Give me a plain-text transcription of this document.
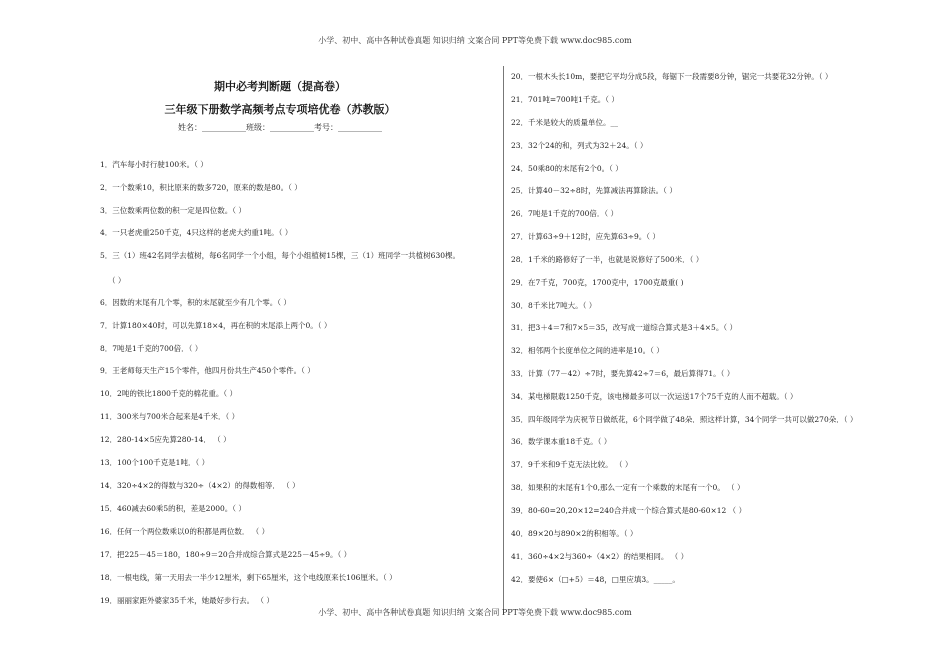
小学、初中、高中各种试卷真题 知识归纳 文案合同 PPT等免费下载 www.doc985.com
期中必考判断题（提高卷）
三年级下册数学高频考点专项培优卷（苏教版）
姓名：___________班级：___________考号：___________
1．汽车每小时行驶100米。（ ）
2．一个数乘10，积比原来的数多720，原来的数是80。（ ）
3．三位数乘两位数的积一定是四位数。（ ）
4．一只老虎重250千克，4只这样的老虎大约重1吨。（ ）
5．三（1）班42名同学去植树，每6名同学一个小组，每个小组植树15棵，三（1）班同学一共植树630棵。
（ ）
6．因数的末尾有几个零，积的末尾就至少有几个零。（ ）
7．计算180×40时，可以先算18×4，再在积的末尾添上两个0。（ ）
8．7吨是1千克的700倍．（ ）
9．王老师每天生产15个零件，他四月份共生产450个零件。（ ）
10．2吨的铁比1800千克的棉花重。（ ）
11．300米与700米合起来是4千米．（ ）
12．280-14×5应先算280-14． （ ）
13．100个100千克是1吨．（ ）
14．320÷4×2的得数与320÷（4×2）的得数相等． （ ）
15．460减去60乘5的积，差是2000。（ ）
16．任何一个两位数乘以0的积都是两位数． （ ）
17．把225－45＝180，180÷9＝20合并成综合算式是225－45÷9。（ ）
18．一根电线，第一天用去一半少12厘米，剩下65厘米，这个电线原来长106厘米。（ ）
19．丽丽家距外婆家35千米，她最好步行去。 （ ）
20．一根木头长10m，要把它平均分成5段，每锯下一段需要8分钟，锯完一共要花32分钟。（ ）
21．701吨=700吨1千克。（ ）
22．千米是较大的质量单位。__
23．32个24的和，列式为32＋24。（ ）
24．50乘80的末尾有2个0。（ ）
25．计算40－32÷8时，先算减法再算除法。（ ）
26．7吨是1千克的700倍．（ ）
27．计算63÷9＋12时，应先算63÷9。（ ）
28．1千米的路修好了一半，也就是说修好了500米．（ ）
29．在7千克，700克，1700克中，1700克最重( )
30．8千米比7吨大。（ ）
31．把3＋4＝7和7×5＝35，改写成一道综合算式是3＋4×5。（ ）
32．相邻两个长度单位之间的进率是10。（ ）
33．计算（77－42）÷7时，要先算42÷7＝6，最后算得71。（ ）
34．某电梯限载1250千克，该电梯最多可以一次运送17个75千克的人而不超载。（ ）
35．四年级同学为庆祝节日做纸花，6个同学做了48朵．照这样计算，34个同学一共可以做270朵．（ ）
36．数学课本重18千克。（ ）
37．9千米和9千克无法比较。 （ ）
38．如果积的末尾有1个0,那么一定有一个乘数的末尾有一个0。 （ ）
39．80-60=20,20×12=240合并成一个综合算式是80-60×12 （ ）
40．89×20与890×2的积相等。（ ）
41．360÷4×2与360÷（4×2）的结果相同。 （ ）
42．要使6×（□+5）＝48，□里应填3。_____。
小学、初中、高中各种试卷真题 知识归纳 文案合同 PPT等免费下载 www.doc985.com
